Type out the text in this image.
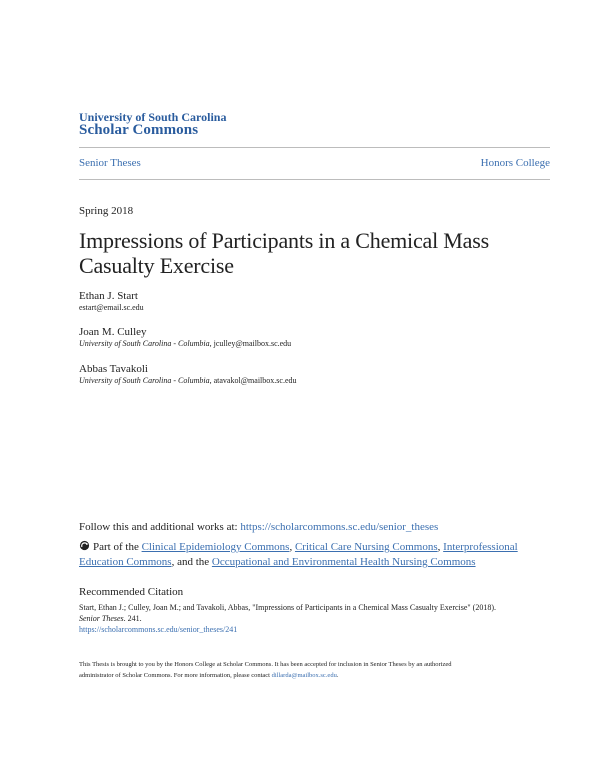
University of South Carolina
Scholar Commons
Senior Theses	Honors College
Spring 2018
Impressions of Participants in a Chemical Mass
Casualty Exercise
Ethan J. Start
estart@email.sc.edu
Joan M. Culley
University of South Carolina - Columbia, jculley@mailbox.sc.edu
Abbas Tavakoli
University of South Carolina - Columbia, atavakol@mailbox.sc.edu
Follow this and additional works at: https://scholarcommons.sc.edu/senior_theses
Part of the Clinical Epidemiology Commons, Critical Care Nursing Commons, Interprofessional Education Commons, and the Occupational and Environmental Health Nursing Commons
Recommended Citation
Start, Ethan J.; Culley, Joan M.; and Tavakoli, Abbas, "Impressions of Participants in a Chemical Mass Casualty Exercise" (2018).
Senior Theses. 241.
https://scholarcommons.sc.edu/senior_theses/241
This Thesis is brought to you by the Honors College at Scholar Commons. It has been accepted for inclusion in Senior Theses by an authorized
administrator of Scholar Commons. For more information, please contact dillarda@mailbox.sc.edu.
